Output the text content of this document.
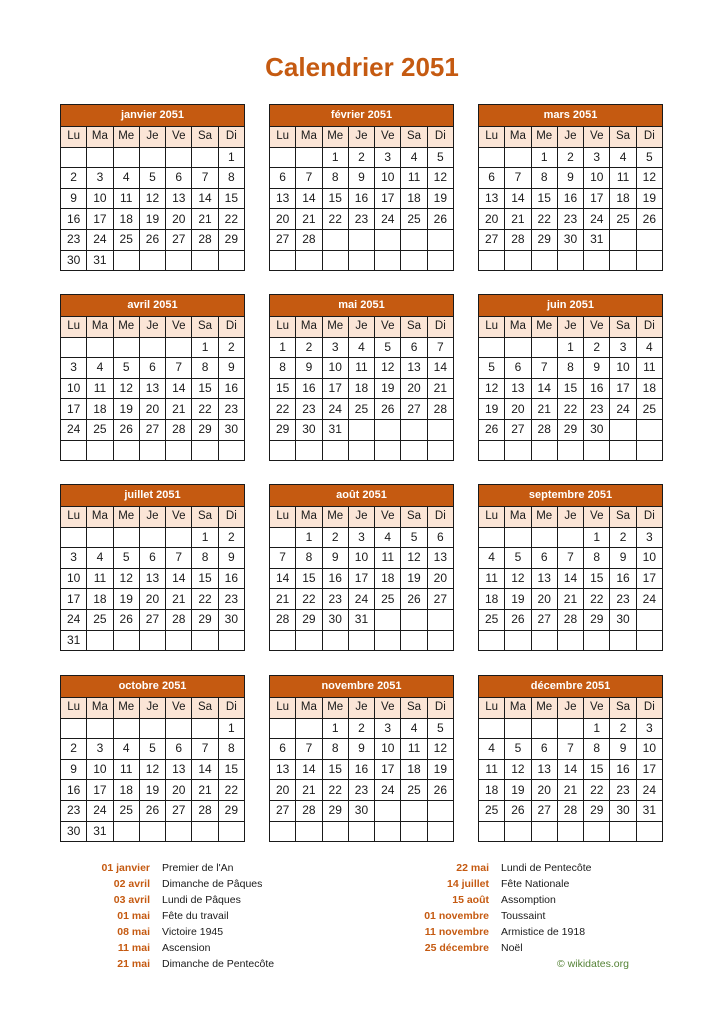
Calendrier 2051
janvier 2051
Lu	Ma	Me	Je	Ve	Sa	Di
						1
2	3	4	5	6	7	8
9	10	11	12	13	14	15
16	17	18	19	20	21	22
23	24	25	26	27	28	29
30	31					
février 2051
Lu	Ma	Me	Je	Ve	Sa	Di
		1	2	3	4	5
6	7	8	9	10	11	12
13	14	15	16	17	18	19
20	21	22	23	24	25	26
27	28					

mars 2051
Lu	Ma	Me	Je	Ve	Sa	Di
		1	2	3	4	5
6	7	8	9	10	11	12
13	14	15	16	17	18	19
20	21	22	23	24	25	26
27	28	29	30	31		

avril 2051
Lu	Ma	Me	Je	Ve	Sa	Di
					1	2
3	4	5	6	7	8	9
10	11	12	13	14	15	16
17	18	19	20	21	22	23
24	25	26	27	28	29	30

mai 2051
Lu	Ma	Me	Je	Ve	Sa	Di
1	2	3	4	5	6	7
8	9	10	11	12	13	14
15	16	17	18	19	20	21
22	23	24	25	26	27	28
29	30	31				

juin 2051
Lu	Ma	Me	Je	Ve	Sa	Di
			1	2	3	4
5	6	7	8	9	10	11
12	13	14	15	16	17	18
19	20	21	22	23	24	25
26	27	28	29	30		

juillet 2051
Lu	Ma	Me	Je	Ve	Sa	Di
					1	2
3	4	5	6	7	8	9
10	11	12	13	14	15	16
17	18	19	20	21	22	23
24	25	26	27	28	29	30
31						
août 2051
Lu	Ma	Me	Je	Ve	Sa	Di
	1	2	3	4	5	6
7	8	9	10	11	12	13
14	15	16	17	18	19	20
21	22	23	24	25	26	27
28	29	30	31			

septembre 2051
Lu	Ma	Me	Je	Ve	Sa	Di
				1	2	3
4	5	6	7	8	9	10
11	12	13	14	15	16	17
18	19	20	21	22	23	24
25	26	27	28	29	30	

octobre 2051
Lu	Ma	Me	Je	Ve	Sa	Di
						1
2	3	4	5	6	7	8
9	10	11	12	13	14	15
16	17	18	19	20	21	22
23	24	25	26	27	28	29
30	31					
novembre 2051
Lu	Ma	Me	Je	Ve	Sa	Di
		1	2	3	4	5
6	7	8	9	10	11	12
13	14	15	16	17	18	19
20	21	22	23	24	25	26
27	28	29	30			

décembre 2051
Lu	Ma	Me	Je	Ve	Sa	Di
				1	2	3
4	5	6	7	8	9	10
11	12	13	14	15	16	17
18	19	20	21	22	23	24
25	26	27	28	29	30	31

01 janvier Premier de l'An
02 avril Dimanche de Pâques
03 avril Lundi de Pâques
01 mai Fête du travail
08 mai Victoire 1945
11 mai Ascension
21 mai Dimanche de Pentecôte
22 mai Lundi de Pentecôte
14 juillet Fête Nationale
15 août Assomption
01 novembre Toussaint
11 novembre Armistice de 1918
25 décembre Noël
© wikidates.org
